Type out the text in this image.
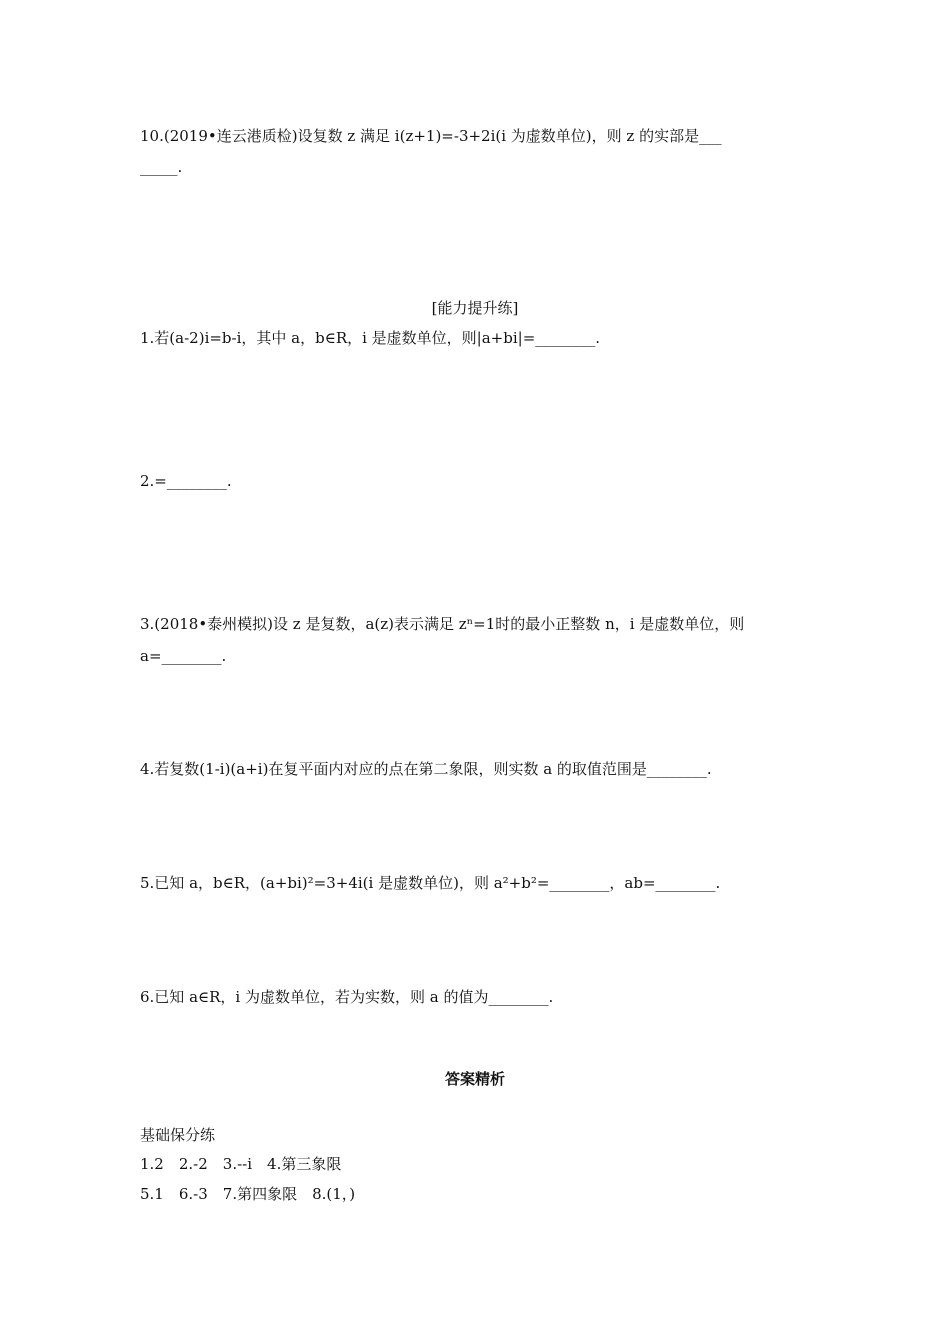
10.(2019•连云港质检)设复数 z 满足 i(z+1)=-3+2i(i 为虚数单位)，则 z 的实部是___
_____.
[能力提升练]
1.若(a-2)i=b-i，其中 a，b∈R，i 是虚数单位，则|a+bi|=________.
2.=________.
3.(2018•泰州模拟)设 z 是复数，a(z)表示满足 zⁿ=1时的最小正整数 n，i 是虚数单位，则
a=________.
4.若复数(1-i)(a+i)在复平面内对应的点在第二象限，则实数 a 的取值范围是________.
5.已知 a，b∈R，(a+bi)²=3+4i(i 是虚数单位)，则 a²+b²=________，ab=________.
6.已知 a∈R，i 为虚数单位，若为实数，则 a 的值为________.
答案精析
基础保分练
1.2　2.-2　3.--i　4.第三象限
5.1　6.-3　7.第四象限　8.(1，)
